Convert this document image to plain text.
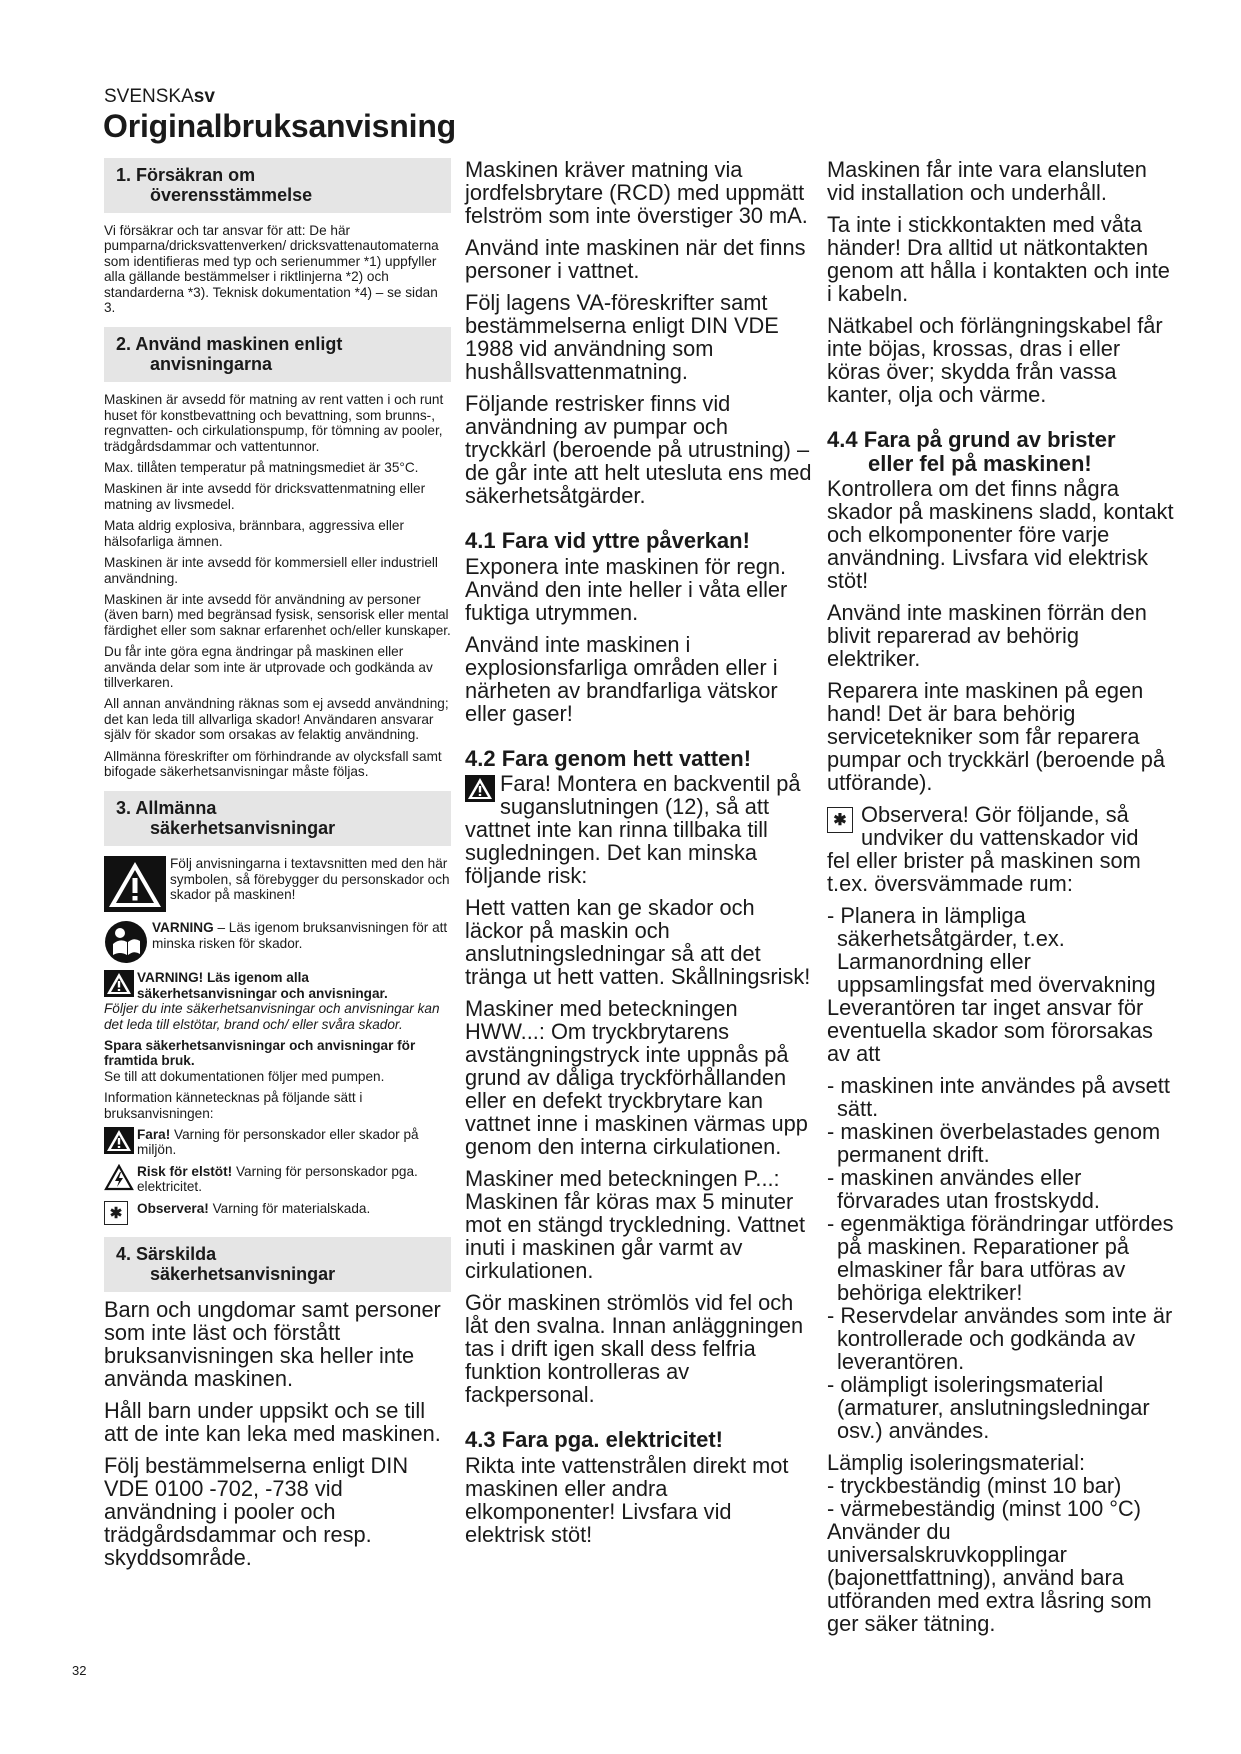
SVENSKAsv
Originalbruksanvisning
1. Försäkran om
överensstämmelse

Vi försäkrar och tar ansvar för att: De här pumparna/dricksvattenverken/ dricksvattenautomaterna som identifieras med typ och serienummer *1) uppfyller alla gällande bestämmelser i riktlinjerna *2) och standarderna *3). Teknisk dokumentation *4) – se sidan 3.

2. Använd maskinen enligt
anvisningarna

Maskinen är avsedd för matning av rent vatten i och runt huset för konstbevattning och bevattning, som brunns-, regnvatten- och cirkulationspump, för tömning av pooler, trädgårdsdammar och vattentunnor.

Max. tillåten temperatur på matningsmediet är 35°C.

Maskinen är inte avsedd för dricksvattenmatning eller matning av livsmedel.

Mata aldrig explosiva, brännbara, aggressiva eller hälsofarliga ämnen.

Maskinen är inte avsedd för kommersiell eller industriell användning.

Maskinen är inte avsedd för användning av personer (även barn) med begränsad fysisk, sensorisk eller mental färdighet eller som saknar erfarenhet och/eller kunskaper.

Du får inte göra egna ändringar på maskinen eller använda delar som inte är utprovade och godkända av tillverkaren.

All annan användning räknas som ej avsedd användning; det kan leda till allvarliga skador! Användaren ansvarar själv för skador som orsakas av felaktig användning.

Allmänna föreskrifter om förhindrande av olycksfall samt bifogade säkerhetsanvisningar måste följas.

3. Allmänna
säkerhetsanvisningar

Följ anvisningarna i textavsnitten med den här symbolen, så förebygger du personskador och skador på maskinen!

VARNING – Läs igenom bruksanvisningen för att minska risken för skador.

VARNING! Läs igenom alla säkerhetsanvisningar och anvisningar.

Följer du inte säkerhetsanvisningar och anvisningar kan det leda till elstötar, brand och/ eller svåra skador.

Spara säkerhetsanvisningar och anvisningar för framtida bruk.

Se till att dokumentationen följer med pumpen.

Information kännetecknas på följande sätt i bruksanvisningen:

Fara! Varning för personskador eller skador på miljön.

Risk för elstöt! Varning för personskador pga. elektricitet.

✱	Observera! Varning för materialskada.

4. Särskilda
säkerhetsanvisningar

Barn och ungdomar samt personer som inte läst och förstått bruksanvisningen ska heller inte använda maskinen.

Håll barn under uppsikt och se till att de inte kan leka med maskinen.

Följ bestämmelserna enligt DIN VDE 0100 -702, -738 vid användning i pooler och trädgårdsdammar och resp. skyddsområde.

Maskinen kräver matning via jordfelsbrytare (RCD) med uppmätt felström som inte överstiger 30 mA.

Använd inte maskinen när det finns personer i vattnet.

Följ lagens VA-föreskrifter samt bestämmelserna enligt DIN VDE 1988 vid användning som hushållsvattenmatning.

Följande restrisker finns vid användning av pumpar och tryckkärl (beroende på utrustning) – de går inte att helt utesluta ens med säkerhetsåtgärder.

4.1 Fara vid yttre påverkan!

Exponera inte maskinen för regn. Använd den inte heller i våta eller fuktiga utrymmen.

Använd inte maskinen i explosionsfarliga områden eller i närheten av brandfarliga vätskor eller gaser!

4.2 Fara genom hett vatten!

Fara! Montera en backventil på suganslutningen (12), så att

vattnet inte kan rinna tillbaka till sugledningen. Det kan minska följande risk:

Hett vatten kan ge skador och läckor på maskin och anslutningsledningar så att det tränga ut hett vatten. Skållningsrisk!

Maskiner med beteckningen HWW...: Om tryckbrytarens avstängningstryck inte uppnås på grund av dåliga tryckförhållanden eller en defekt tryckbrytare kan vattnet inne i maskinen värmas upp genom den interna cirkulationen.

Maskiner med beteckningen P...: Maskinen får köras max 5 minuter mot en stängd tryckledning. Vattnet inuti i maskinen går varmt av cirkulationen.

Gör maskinen strömlös vid fel och låt den svalna. Innan anläggningen tas i drift igen skall dess felfria funktion kontrolleras av fackpersonal.

4.3 Fara pga. elektricitet!

Rikta inte vattenstrålen direkt mot maskinen eller andra elkomponenter! Livsfara vid elektrisk stöt!

Maskinen får inte vara elansluten vid installation och underhåll.

Ta inte i stickkontakten med våta händer! Dra alltid ut nätkontakten genom att hålla i kontakten och inte i kabeln.

Nätkabel och förlängningskabel får inte böjas, krossas, dras i eller köras över; skydda från vassa kanter, olja och värme.

4.4 Fara på grund av brister
eller fel på maskinen!

Kontrollera om det finns några skador på maskinens sladd, kontakt och elkomponenter före varje användning. Livsfara vid elektrisk stöt!

Använd inte maskinen förrän den blivit reparerad av behörig elektriker.

Reparera inte maskinen på egen hand! Det är bara behörig servicetekniker som får reparera pumpar och tryckkärl (beroende på utförande).

✱ Observera! Gör följande, så undviker du vattenskador vid

fel eller brister på maskinen som t.ex. översvämmade rum:

- Planera in lämpliga säkerhetsåtgärder, t.ex. Larmanordning eller uppsamlingsfat med övervakning

Leverantören tar inget ansvar för eventuella skador som förorsakas av att

- maskinen inte användes på avsett sätt.

- maskinen överbelastades genom permanent drift.

- maskinen användes eller förvarades utan frostskydd.

- egenmäktiga förändringar utfördes på maskinen. Reparationer på elmaskiner får bara utföras av behöriga elektriker!

- Reservdelar användes som inte är kontrollerade och godkända av leverantören.

- olämpligt isoleringsmaterial (armaturer, anslutningsledningar osv.) användes.

Lämplig isoleringsmaterial:

- tryckbeständig (minst 10 bar)

- värmebeständig (minst 100 °C)

Använder du universalskruvkopplingar (bajonettfattning), använd bara utföranden med extra låsring som ger säker tätning.

32
